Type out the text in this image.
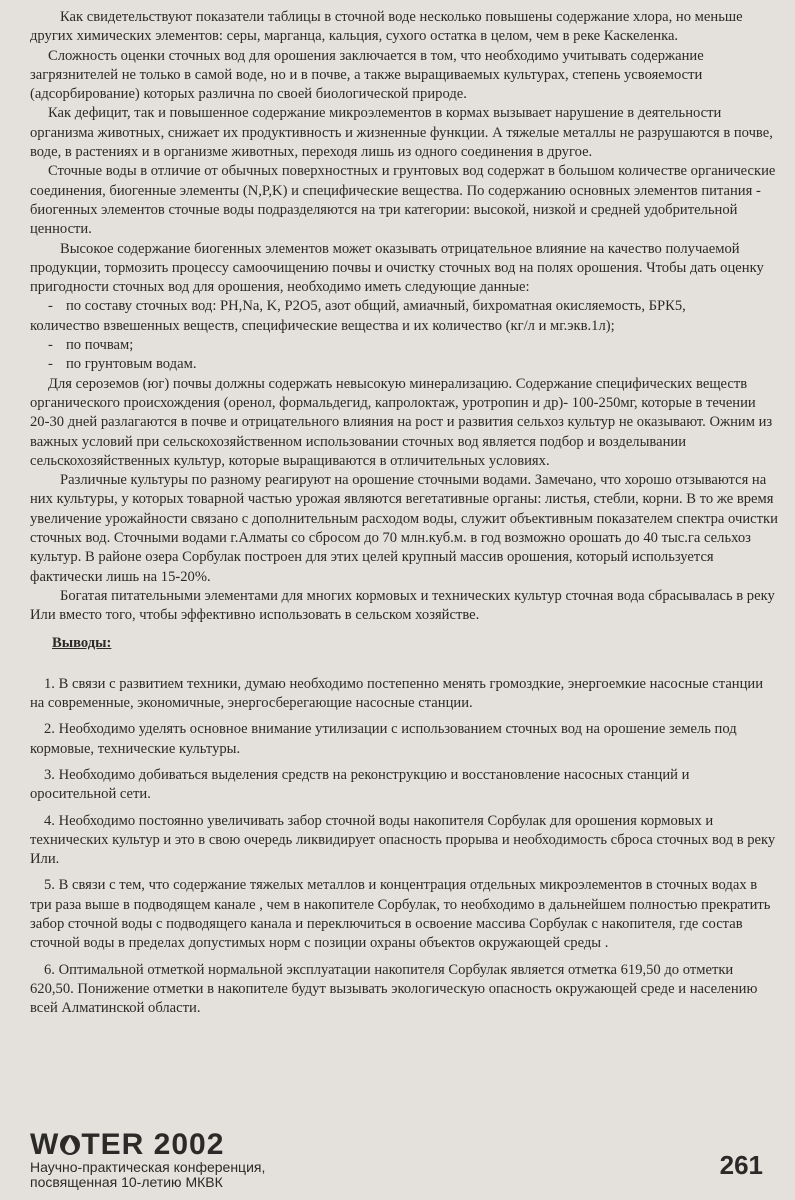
Как свидетельствуют показатели таблицы в сточной воде несколько повышены содержание хлора, но меньше других химических элементов: серы, марганца, кальция, сухого остатка в целом, чем в реке Каскеленка.

Сложность оценки сточных вод для орошения заключается в том, что необходимо учитывать содержание загрязнителей не только в самой воде, но и в почве, а также выращиваемых культурах, степень усвояемости (адсорбирование) которых различна по своей биологической природе.

Как дефицит, так и повышенное содержание микроэлементов в кормах вызывает нарушение в деятельности организма животных, снижает их продуктивность и жизненные функции. А тяжелые металлы не разрушаются в почве, воде, в растениях и в организме животных, переходя лишь из одного соединения в другое.

Сточные воды в отличие от обычных поверхностных и грунтовых вод содержат в большом количестве органические соединения, биогенные элементы (N,P,K) и специфические вещества. По содержанию основных элементов питания - биогенных элементов сточные воды подразделяются на три категории: высокой, низкой и средней удобрительной ценности.

Высокое содержание биогенных элементов может оказывать отрицательное влияние на качество получаемой продукции, тормозить процессу самоочищению почвы и очистку сточных вод на полях орошения. Чтобы дать оценку пригодности сточных вод для орошения, необходимо иметь следующие данные:

- по составу сточных вод: PH,Na, K, P2O5, азот общий, амиачный, бихроматная окисляемость, БРК5,

количество взвешенных веществ, специфические вещества и их количество (кг/л и мг.экв.1л);

- по почвам;

- по грунтовым водам.

Для сероземов (юг) почвы должны содержать невысокую минерализацию. Содержание специфических веществ органического происхождения (оренол, формальдегид, капролоктаж, уротропин и др)- 100-250мг, которые в течении 20-30 дней разлагаются в почве и отрицательного влияния на рост и развития сельхоз культур не оказывают. Ожним из важных условий при сельскохозяйственном использовании сточных вод является подбор и возделывании сельскохозяйственных культур, которые выращиваются в отличительных условиях.

Различные культуры по разному реагируют на орошение сточными водами. Замечано, что хорошо отзываются на них культуры, у которых товарной частью урожая являются вегетативные органы: листья, стебли, корни. В то же время увеличение урожайности связано с дополнительным расходом воды, служит объективным показателем спектра очистки сточных вод. Сточными водами г.Алматы со сбросом до 70 млн.куб.м. в год возможно орошать до 40 тыс.га сельхоз культур. В районе озера Сорбулак построен для этих целей крупный массив орошения, который используется фактически лишь на 15-20%.

Богатая питательными элементами для многих кормовых и технических культур сточная вода сбрасывалась в реку Или вместо того, чтобы эффективно использовать в сельском хозяйстве.

Выводы:

1. В связи с развитием техники, думаю необходимо постепенно менять громоздкие, энергоемкие насосные станции на современные, экономичные, энергосберегающие насосные станции.

2. Необходимо уделять основное внимание утилизации с использованием сточных вод на орошение земель под кормовые, технические культуры.

3. Необходимо добиваться выделения средств на реконструкцию и восстановление насосных станций и оросительной сети.

4. Необходимо постоянно увеличивать забор сточной воды накопителя Сорбулак для орошения кормовых и технических культур и это в свою очередь ликвидирует опасность прорыва и необходимость сброса сточных вод в реку Или.

5. В связи с тем, что содержание тяжелых металлов и концентрация отдельных микроэлементов в сточных водах в три раза выше в подводящем канале , чем в накопителе Сорбулак, то необходимо в дальнейшем полностью прекратить забор сточной воды с подводящего канала и переключиться в освоение массива Сорбулак с накопителя, где состав сточной воды в пределах допустимых норм с позиции охраны объектов окружающей среды .

6. Оптимальной отметкой нормальной эксплуатации накопителя Сорбулак является отметка 619,50 до отметки 620,50. Понижение отметки в накопителе будут вызывать экологическую опасность окружающей среде и населению всей Алматинской области.

W TER 2002
Научно-практическая конференция,
посвященная 10-летию МКВК
261
